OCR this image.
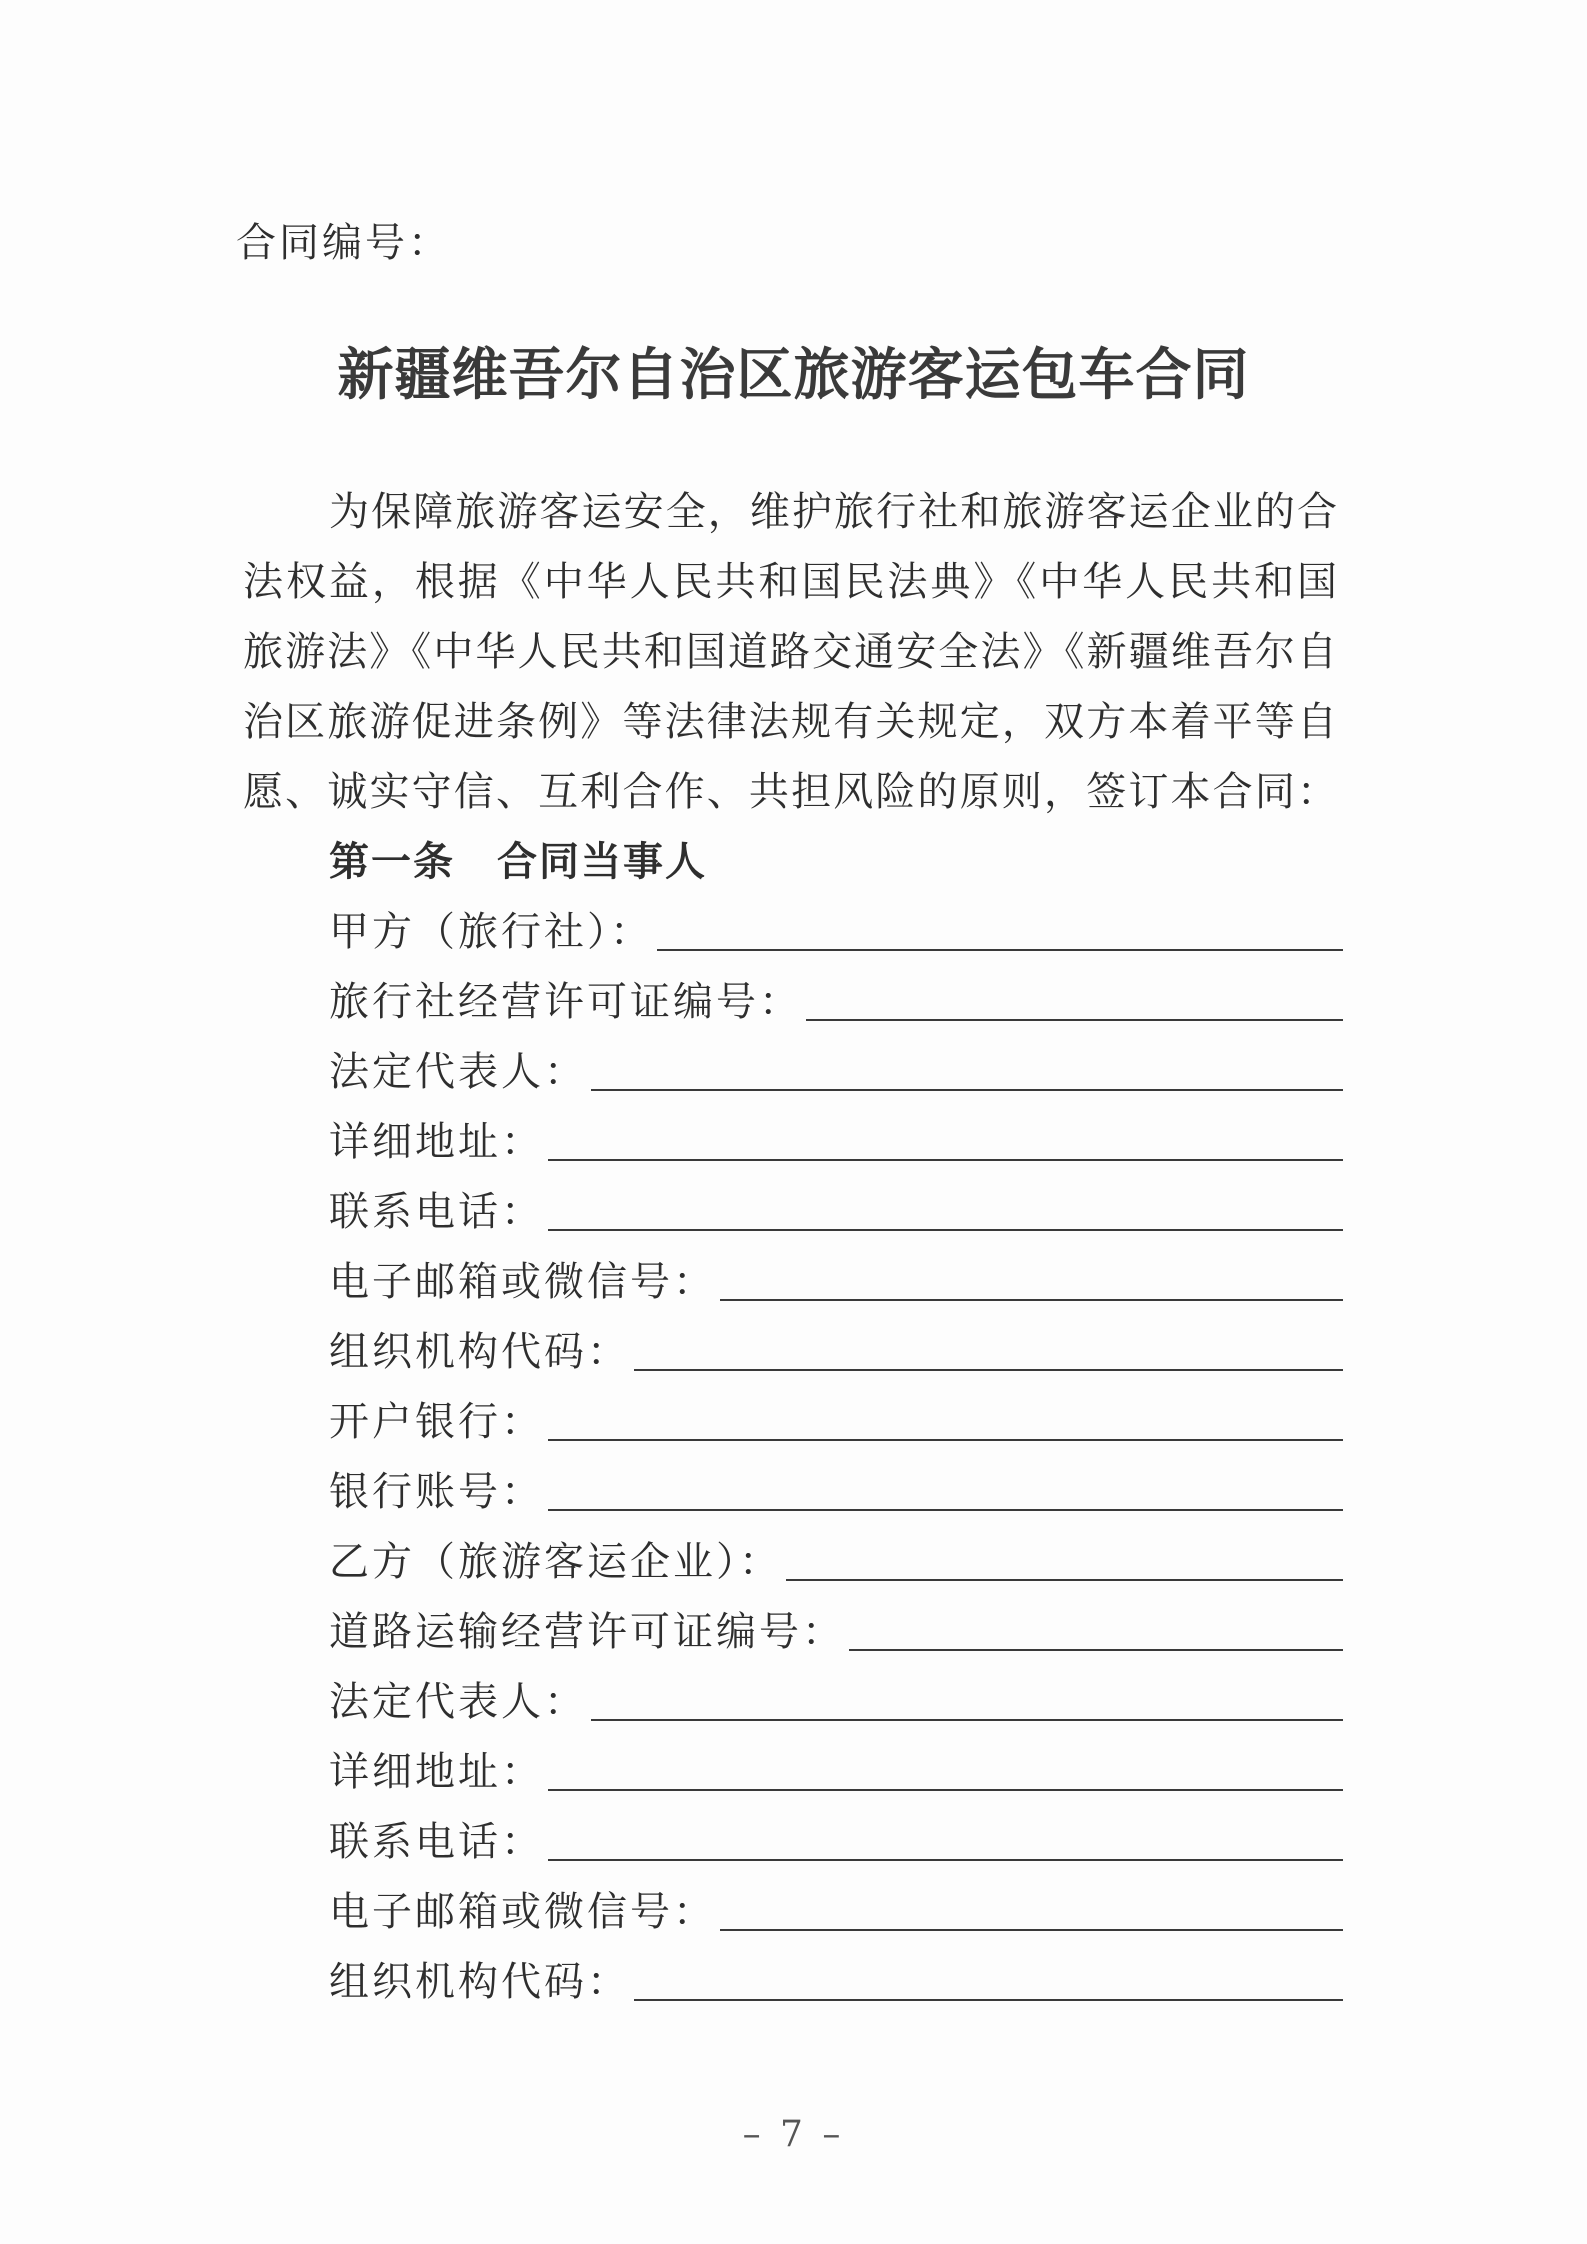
合同编号：
新疆维吾尔自治区旅游客运包车合同
为保障旅游客运安全，维护旅行社和旅游客运企业的合
法权益，根据《中华人民共和国民法典》《中华人民共和国
旅游法》《中华人民共和国道路交通安全法》《新疆维吾尔自
治区旅游促进条例》等法律法规有关规定，双方本着平等自
愿、诚实守信、互利合作、共担风险的原则，签订本合同：
第一条　合同当事人
甲方（旅行社）：
旅行社经营许可证编号：
法定代表人：
详细地址：
联系电话：
电子邮箱或微信号：
组织机构代码：
开户银行：
银行账号：
乙方（旅游客运企业）：
道路运输经营许可证编号：
法定代表人：
详细地址：
联系电话：
电子邮箱或微信号：
组织机构代码：
– 7 –
